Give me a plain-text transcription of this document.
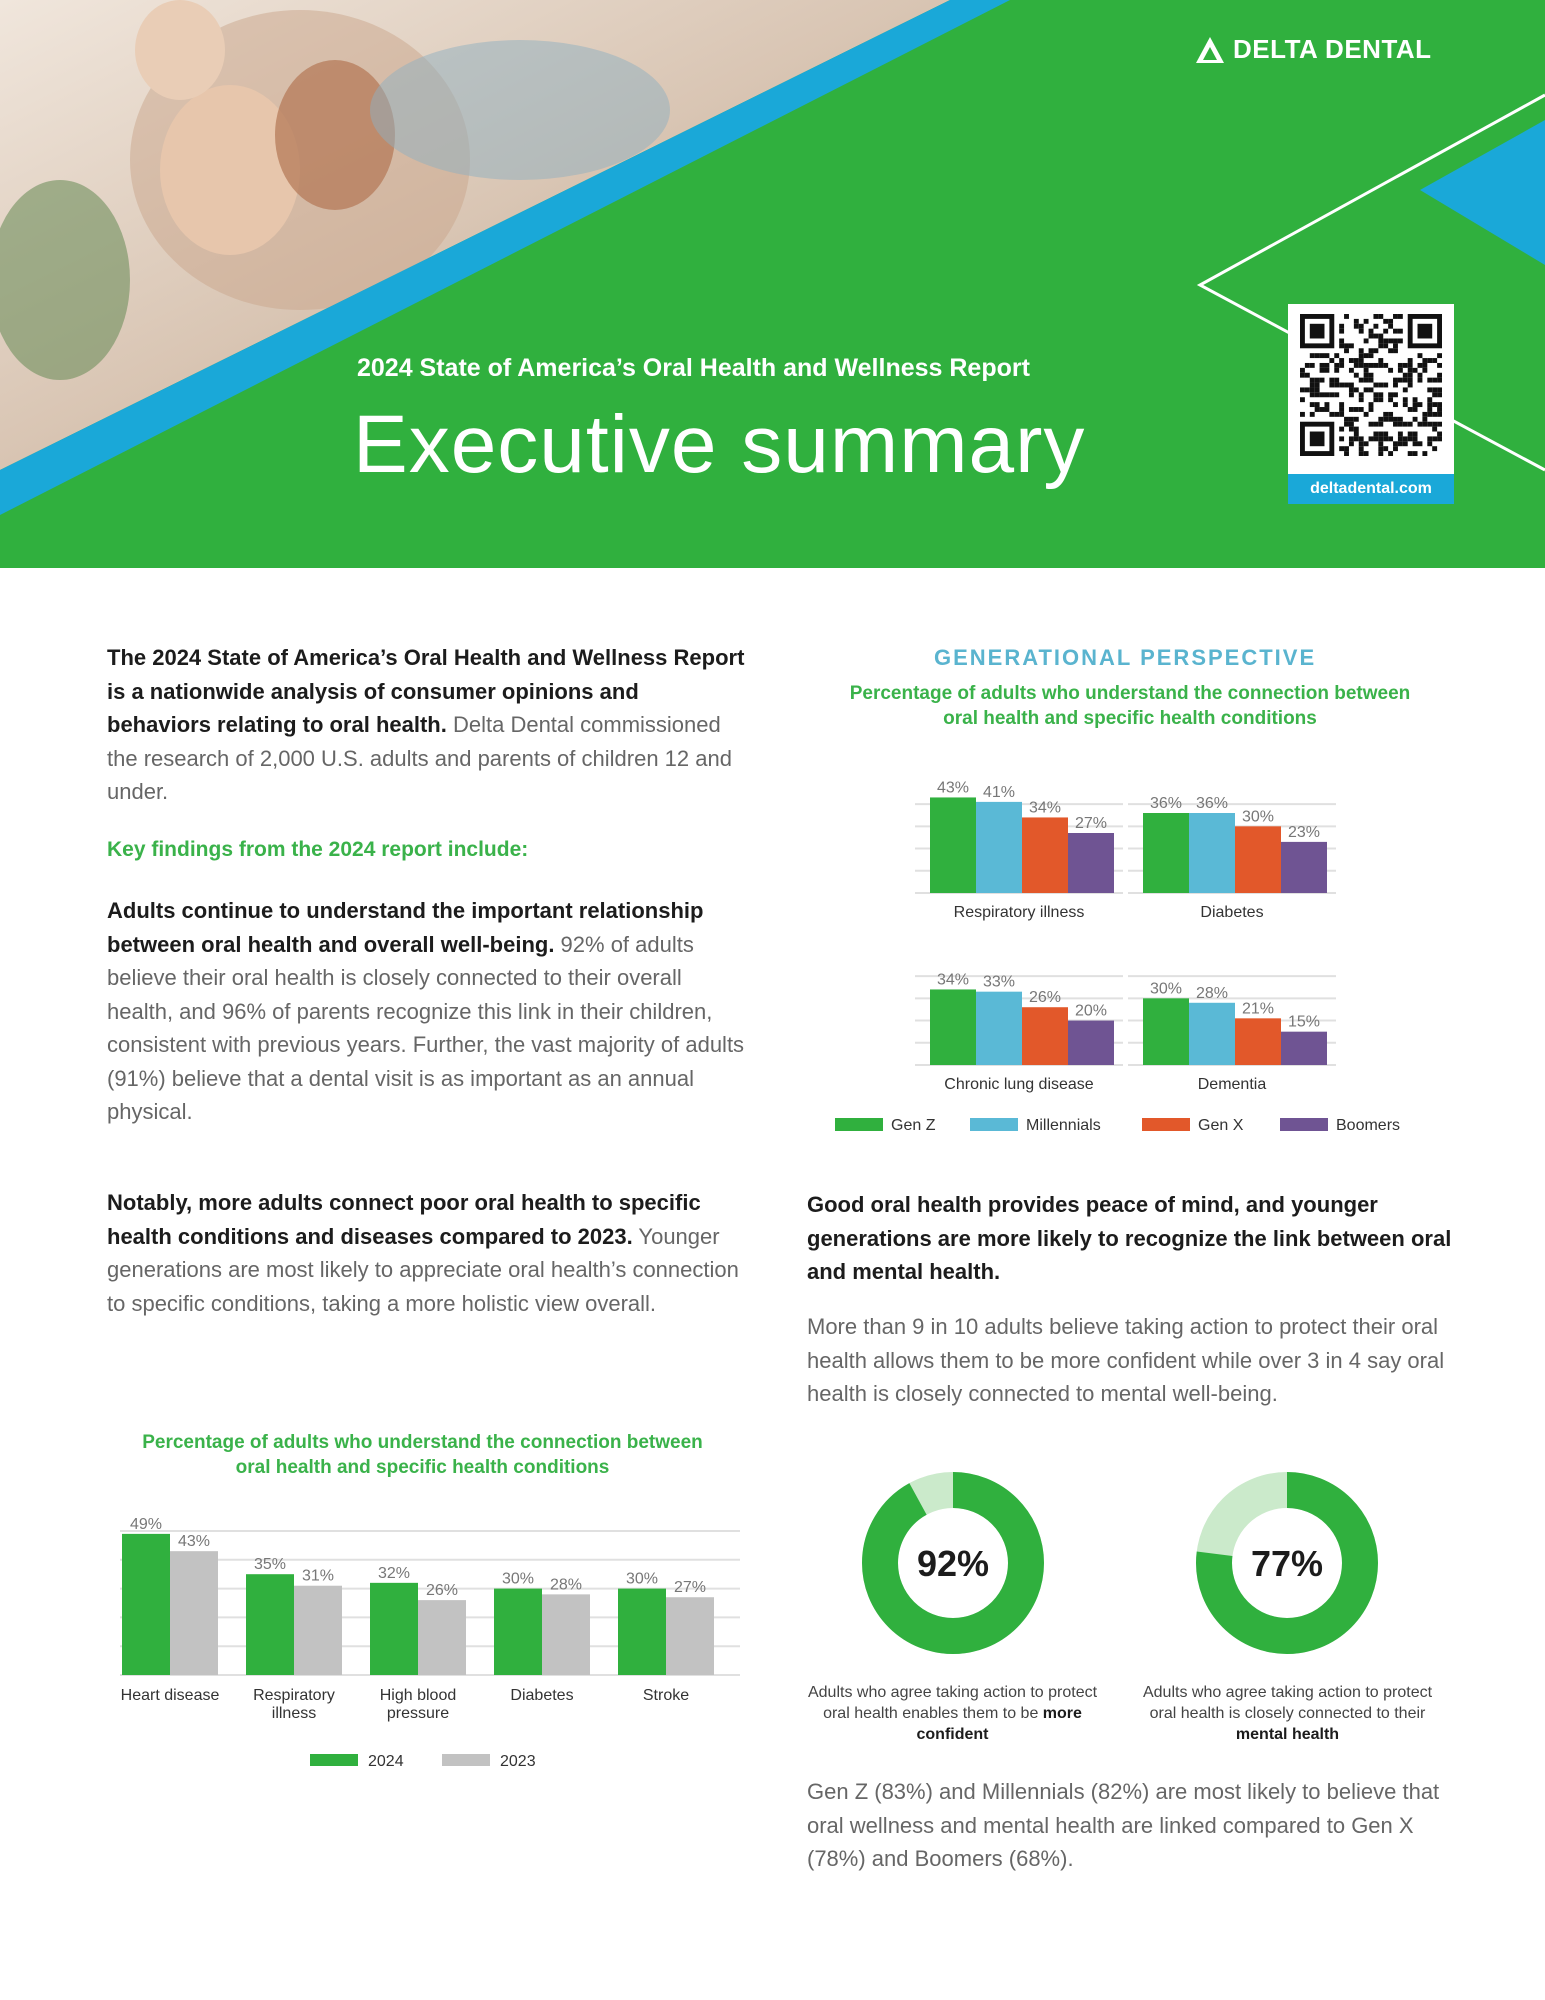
DELTA DENTAL
2024 State of America’s Oral Health and Wellness Report
Executive summary	deltadental.com
The 2024 State of America’s Oral Health and Wellness Report is a nationwide analysis of consumer opinions and behaviors relating to oral health. Delta Dental commissioned the research of 2,000 U.S. adults and parents of children 12 and under.
Key findings from the 2024 report include:
Adults continue to understand the important relationship between oral health and overall well-being. 92% of adults believe their oral health is closely connected to their overall health, and 96% of parents recognize this link in their children, consistent with previous years. Further, the vast majority of adults (91%) believe that a dental visit is as important as an annual physical.
Notably, more adults connect poor oral health to specific health conditions and diseases compared to 2023. Younger generations are most likely to appreciate oral health’s connection to specific conditions, taking a more holistic view overall.
Percentage of adults who understand the connection between oral health and specific health conditions
49%
43%
Heart disease
35%
31%
Respiratory illness
32%
26%
High blood pressure
30% 28%
Diabetes
30%
27%
Stroke
2024	2023
GENERATIONAL PERSPECTIVE
Percentage of adults who understand the connection between oral health and specific health conditions
43% 41%
34%
27%
Respiratory illness
36% 36%
30%
23%
Diabetes
34% 33%
26%
20%
Chronic lung disease
30% 28%
21%
15%
Dementia
Gen Z	Millennials	Gen X	Boomers
Good oral health provides peace of mind, and younger generations are more likely to recognize the link between oral and mental health.
More than 9 in 10 adults believe taking action to protect their oral health allows them to be more confident while over 3 in 4 say oral health is closely connected to mental well-being.
92%	77%
Adults who agree taking action to protect oral health enables them to be more confident
Adults who agree taking action to protect oral health is closely connected to their mental health
Gen Z (83%) and Millennials (82%) are most likely to believe that oral wellness and mental health are linked compared to Gen X (78%) and Boomers (68%).
